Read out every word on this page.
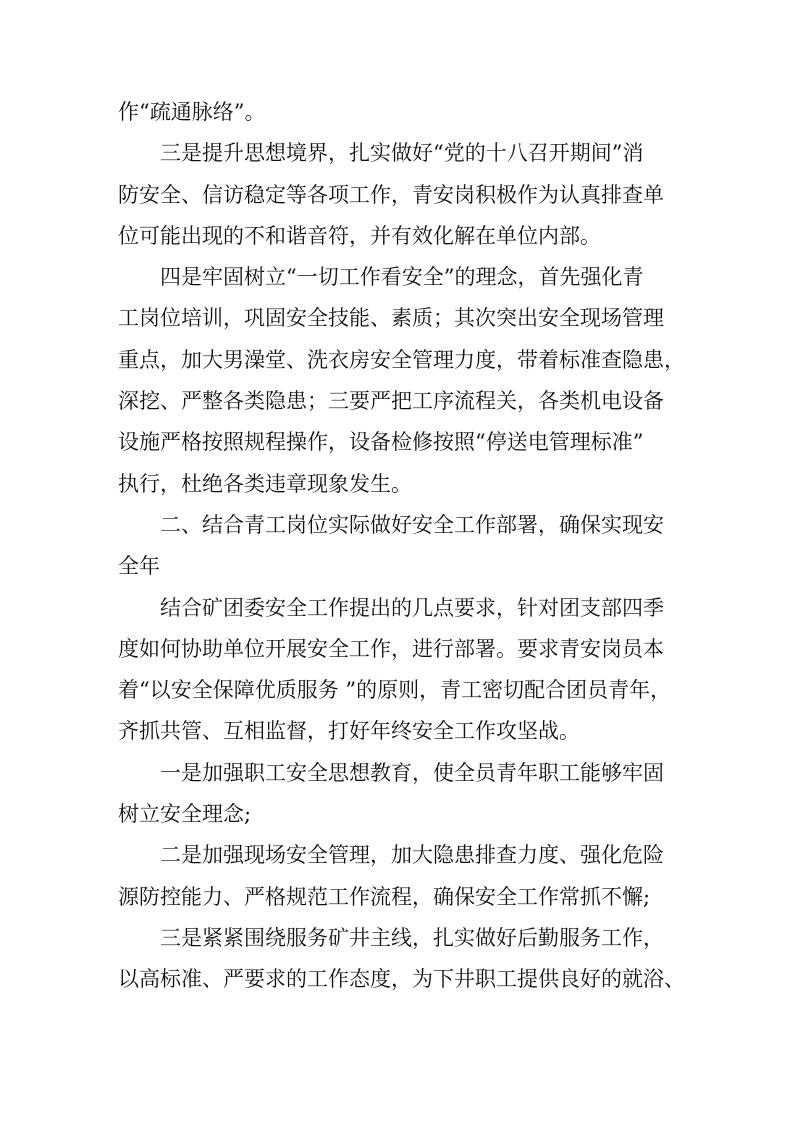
作“疏通脉络”。
三是提升思想境界，扎实做好“党的十八召开期间”消
防安全、信访稳定等各项工作，青安岗积极作为认真排查单
位可能出现的不和谐音符，并有效化解在单位内部。
四是牢固树立“一切工作看安全”的理念，首先强化青
工岗位培训，巩固安全技能、素质；其次突出安全现场管理
重点，加大男澡堂、洗衣房安全管理力度，带着标准查隐患，
深挖、严整各类隐患；三要严把工序流程关，各类机电设备
设施严格按照规程操作，设备检修按照“停送电管理标准”
执行，杜绝各类违章现象发生。
二、结合青工岗位实际做好安全工作部署，确保实现安
全年
结合矿团委安全工作提出的几点要求，针对团支部四季
度如何协助单位开展安全工作，进行部署。要求青安岗员本
着“以安全保障优质服务 ”的原则，青工密切配合团员青年，
齐抓共管、互相监督，打好年终安全工作攻坚战。
一是加强职工安全思想教育，使全员青年职工能够牢固
树立安全理念;
二是加强现场安全管理，加大隐患排查力度、强化危险
源防控能力、严格规范工作流程，确保安全工作常抓不懈;
三是紧紧围绕服务矿井主线，扎实做好后勤服务工作，
以高标准、严要求的工作态度，为下井职工提供良好的就浴、
